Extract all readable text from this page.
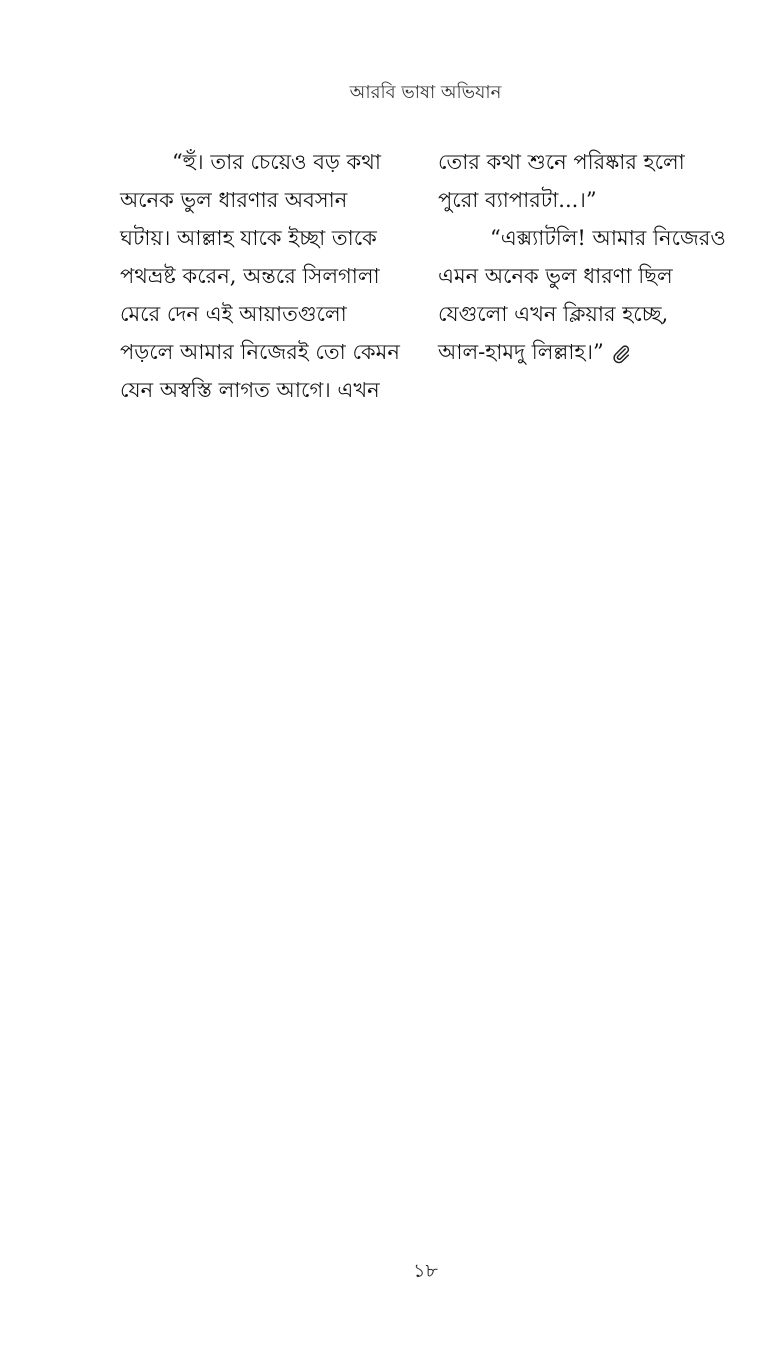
আরবি ভাষা অভিযান
“হুঁ। তার চেয়েও বড় কথা
অনেক ভুল ধারণার অবসান
ঘটায়। আল্লাহ যাকে ইচ্ছা তাকে
পথভ্রষ্ট করেন, অন্তরে সিলগালা
মেরে দেন এই আয়াতগুলো
পড়লে আমার নিজেরই তো কেমন
যেন অস্বস্তি লাগত আগে। এখন
তোর কথা শুনে পরিষ্কার হলো
পুরো ব্যাপারটা...।”
“এক্স্যাটলি! আমার নিজেরও
এমন অনেক ভুল ধারণা ছিল
যেগুলো এখন ক্লিয়ার হচ্ছে,
আল-হামদু লিল্লাহ।”
১৮
